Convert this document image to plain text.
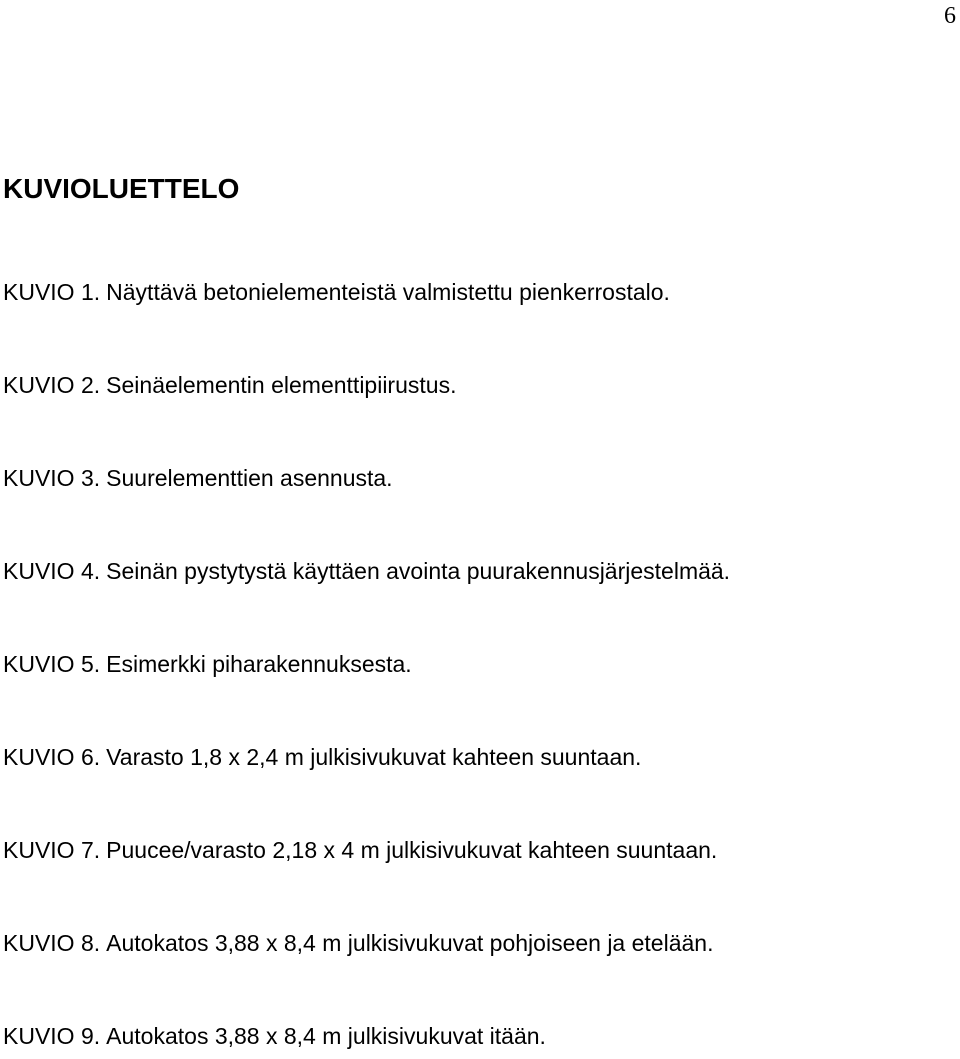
6
KUVIOLUETTELO
KUVIO 1. Näyttävä betonielementeistä valmistettu pienkerrostalo.
KUVIO 2. Seinäelementin elementtipiirustus.
KUVIO 3. Suurelementtien asennusta.
KUVIO 4. Seinän pystytystä käyttäen avointa puurakennusjärjestelmää.
KUVIO 5. Esimerkki piharakennuksesta.
KUVIO 6. Varasto 1,8 x 2,4 m julkisivukuvat kahteen suuntaan.
KUVIO 7. Puucee/varasto 2,18 x 4 m julkisivukuvat kahteen suuntaan.
KUVIO 8. Autokatos 3,88 x 8,4 m julkisivukuvat pohjoiseen ja etelään.
KUVIO 9. Autokatos 3,88 x 8,4 m julkisivukuvat itään.
